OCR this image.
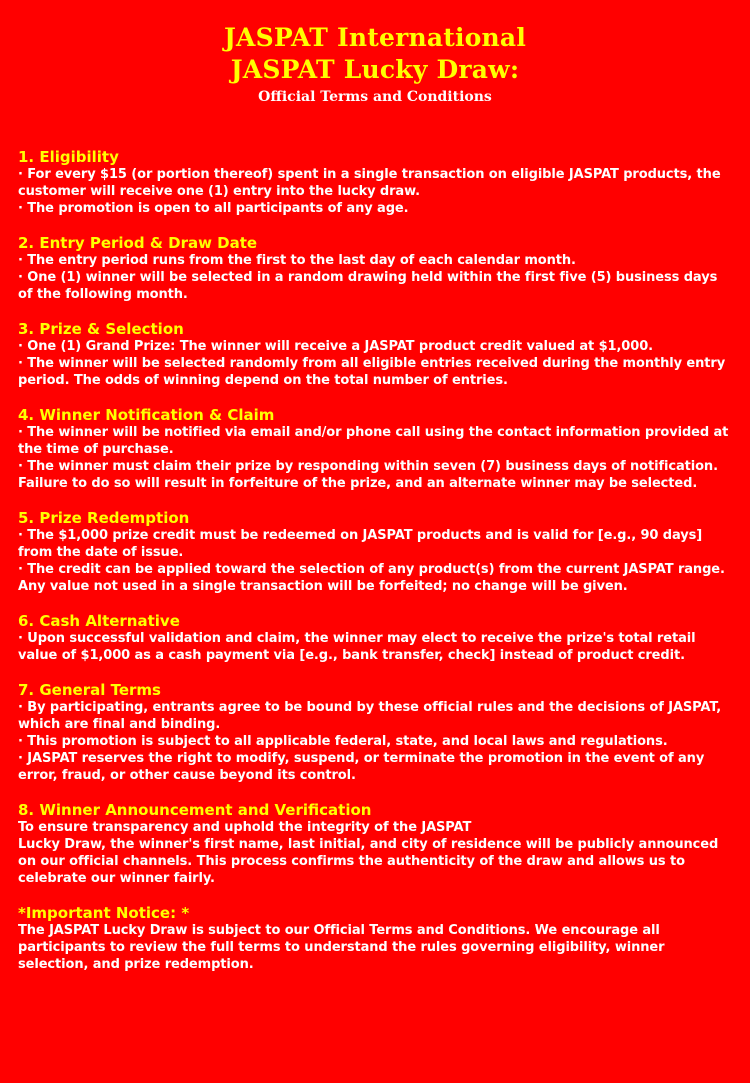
JASPAT International
JASPAT Lucky Draw:
Official Terms and Conditions
1. Eligibility
· For every $15 (or portion thereof) spent in a single transaction on eligible JASPAT products, the customer will receive one (1) entry into the lucky draw.
· The promotion is open to all participants of any age.
2. Entry Period & Draw Date
· The entry period runs from the first to the last day of each calendar month.
· One (1) winner will be selected in a random drawing held within the first five (5) business days of the following month.
3. Prize & Selection
· One (1) Grand Prize: The winner will receive a JASPAT product credit valued at $1,000.
· The winner will be selected randomly from all eligible entries received during the monthly entry period. The odds of winning depend on the total number of entries.
4. Winner Notification & Claim
· The winner will be notified via email and/or phone call using the contact information provided at the time of purchase.
· The winner must claim their prize by responding within seven (7) business days of notification. Failure to do so will result in forfeiture of the prize, and an alternate winner may be selected.
5. Prize Redemption
· The $1,000 prize credit must be redeemed on JASPAT products and is valid for [e.g., 90 days] from the date of issue.
· The credit can be applied toward the selection of any product(s) from the current JASPAT range. Any value not used in a single transaction will be forfeited; no change will be given.
6. Cash Alternative
· Upon successful validation and claim, the winner may elect to receive the prize's total retail value of $1,000 as a cash payment via [e.g., bank transfer, check] instead of product credit.
7. General Terms
· By participating, entrants agree to be bound by these official rules and the decisions of JASPAT, which are final and binding.
· This promotion is subject to all applicable federal, state, and local laws and regulations.
· JASPAT reserves the right to modify, suspend, or terminate the promotion in the event of any error, fraud, or other cause beyond its control.
8. Winner Announcement and Verification
To ensure transparency and uphold the integrity of the JASPAT
Lucky Draw, the winner's first name, last initial, and city of residence will be publicly announced on our official channels. This process confirms the authenticity of the draw and allows us to celebrate our winner fairly.
*Important Notice: *
The JASPAT Lucky Draw is subject to our Official Terms and Conditions. We encourage all participants to review the full terms to understand the rules governing eligibility, winner selection, and prize redemption.
